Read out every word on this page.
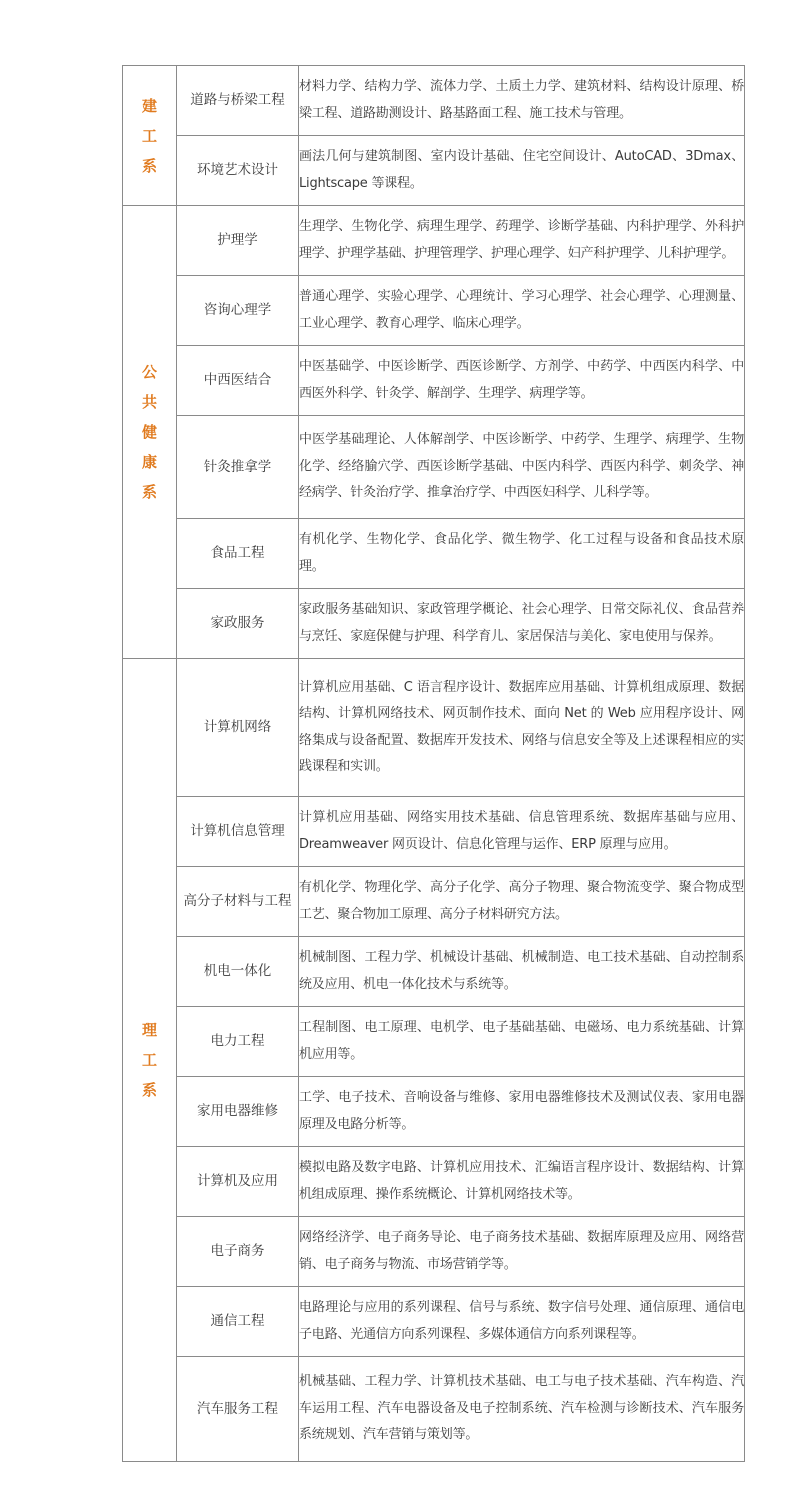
建工系	道路与桥梁工程	材料力学、结构力学、流体力学、土质土力学、建筑材料、结构设计原理、桥梁工程、道路勘测设计、路基路面工程、施工技术与管理。
	环境艺术设计	画法几何与建筑制图、室内设计基础、住宅空间设计、AutoCAD、3Dmax、Lightscape 等课程。
公共健康系	护理学	生理学、生物化学、病理生理学、药理学、诊断学基础、内科护理学、外科护理学、护理学基础、护理管理学、护理心理学、妇产科护理学、儿科护理学。
	咨询心理学	普通心理学、实验心理学、心理统计、学习心理学、社会心理学、心理测量、工业心理学、教育心理学、临床心理学。
	中西医结合	中医基础学、中医诊断学、西医诊断学、方剂学、中药学、中西医内科学、中西医外科学、针灸学、解剖学、生理学、病理学等。
	针灸推拿学	中医学基础理论、人体解剖学、中医诊断学、中药学、生理学、病理学、生物化学、经络腧穴学、西医诊断学基础、中医内科学、西医内科学、刺灸学、神经病学、针灸治疗学、推拿治疗学、中西医妇科学、儿科学等。
	食品工程	有机化学、生物化学、食品化学、微生物学、化工过程与设备和食品技术原理。
	家政服务	家政服务基础知识、家政管理学概论、社会心理学、日常交际礼仪、食品营养与烹饪、家庭保健与护理、科学育儿、家居保洁与美化、家电使用与保养。
理工系	计算机网络	计算机应用基础、C 语言程序设计、数据库应用基础、计算机组成原理、数据结构、计算机网络技术、网页制作技术、面向 Net 的 Web 应用程序设计、网络集成与设备配置、数据库开发技术、网络与信息安全等及上述课程相应的实践课程和实训。
	计算机信息管理	计算机应用基础、网络实用技术基础、信息管理系统、数据库基础与应用、Dreamweaver 网页设计、信息化管理与运作、ERP 原理与应用。
	高分子材料与工程	有机化学、物理化学、高分子化学、高分子物理、聚合物流变学、聚合物成型工艺、聚合物加工原理、高分子材料研究方法。
	机电一体化	机械制图、工程力学、机械设计基础、机械制造、电工技术基础、自动控制系统及应用、机电一体化技术与系统等。
	电力工程	工程制图、电工原理、电机学、电子基础基础、电磁场、电力系统基础、计算机应用等。
	家用电器维修	工学、电子技术、音响设备与维修、家用电器维修技术及测试仪表、家用电器原理及电路分析等。
	计算机及应用	模拟电路及数字电路、计算机应用技术、汇编语言程序设计、数据结构、计算机组成原理、操作系统概论、计算机网络技术等。
	电子商务	网络经济学、电子商务导论、电子商务技术基础、数据库原理及应用、网络营销、电子商务与物流、市场营销学等。
	通信工程	电路理论与应用的系列课程、信号与系统、数字信号处理、通信原理、通信电子电路、光通信方向系列课程、多媒体通信方向系列课程等。
	汽车服务工程	机械基础、工程力学、计算机技术基础、电工与电子技术基础、汽车构造、汽车运用工程、汽车电器设备及电子控制系统、汽车检测与诊断技术、汽车服务系统规划、汽车营销与策划等。
